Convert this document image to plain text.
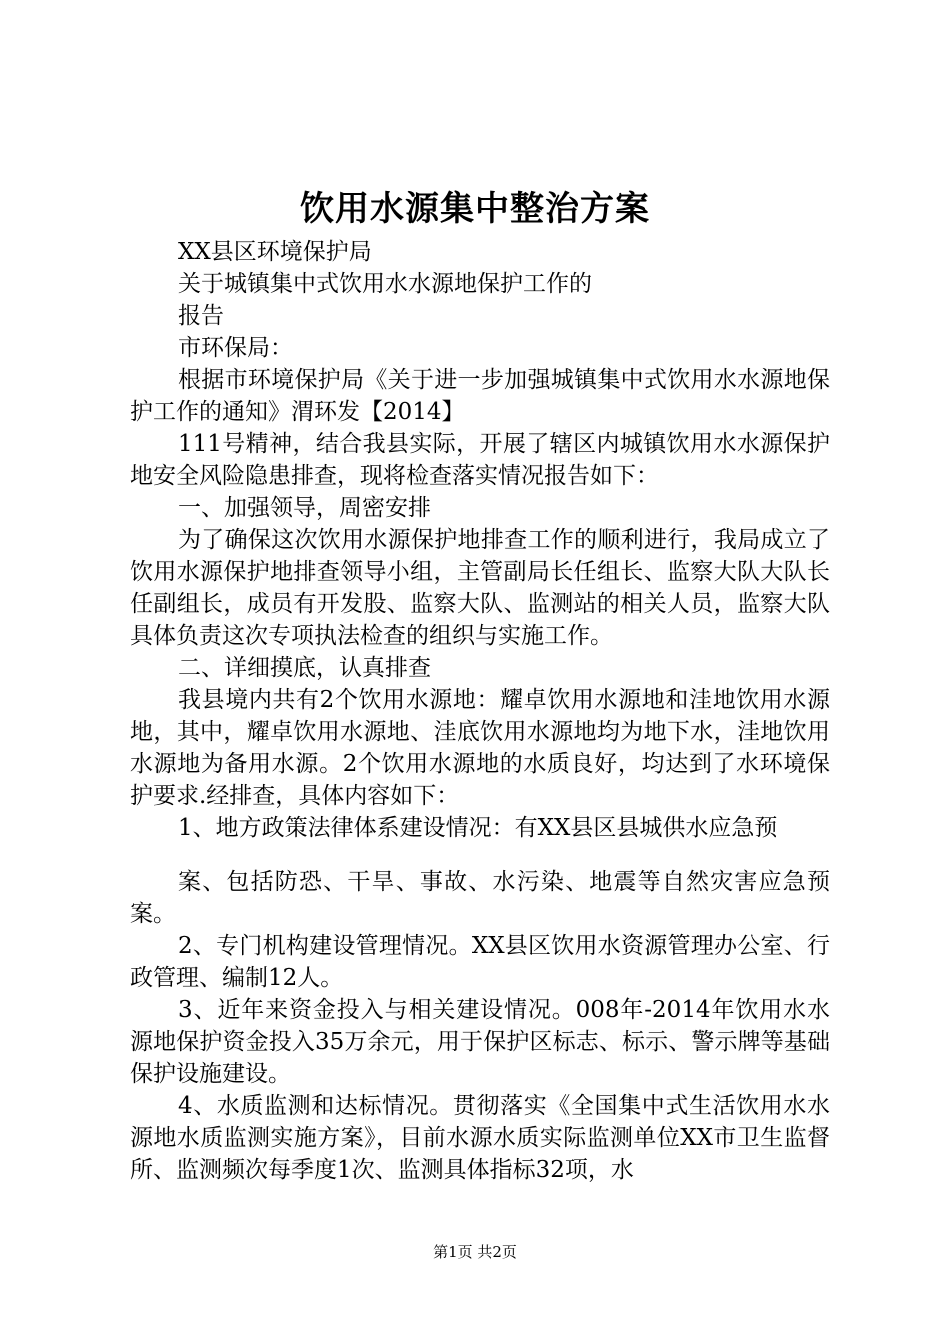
饮用水源集中整治方案

XX县区环境保护局

关于城镇集中式饮用水水源地保护工作的

报告

市环保局：

根据市环境保护局《关于进一步加强城镇集中式饮用水水源地保护工作的通知》渭环发【2014】

111号精神，结合我县实际，开展了辖区内城镇饮用水水源保护地安全风险隐患排查，现将检查落实情况报告如下：

一、加强领导，周密安排

为了确保这次饮用水源保护地排查工作的顺利进行，我局成立了饮用水源保护地排查领导小组，主管副局长任组长、监察大队大队长任副组长，成员有开发股、监察大队、监测站的相关人员，监察大队具体负责这次专项执法检查的组织与实施工作。

二、详细摸底，认真排查

我县境内共有2个饮用水源地：耀卓饮用水源地和洼地饮用水源地，其中，耀卓饮用水源地、洼底饮用水源地均为地下水，洼地饮用水源地为备用水源。2个饮用水源地的水质良好，均达到了水环境保护要求.经排查，具体内容如下：

1、地方政策法律体系建设情况：有XX县区县城供水应急预

案、包括防恐、干旱、事故、水污染、地震等自然灾害应急预案。

2、专门机构建设管理情况。XX县区饮用水资源管理办公室、行政管理、编制12人。

3、近年来资金投入与相关建设情况。008年-2014年饮用水水源地保护资金投入35万余元，用于保护区标志、标示、警示牌等基础保护设施建设。

4、水质监测和达标情况。贯彻落实《全国集中式生活饮用水水源地水质监测实施方案》，目前水源水质实际监测单位XX市卫生监督所、监测频次每季度1次、监测具体指标32项，水

第1页 共2页
